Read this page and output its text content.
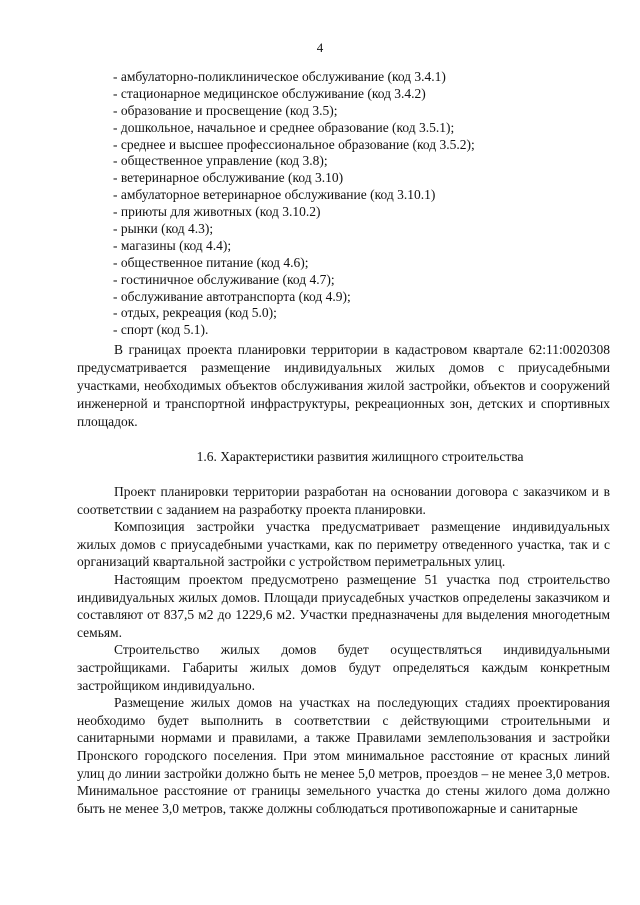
4
- амбулаторно-поликлиническое обслуживание (код 3.4.1)
- стационарное медицинское обслуживание (код 3.4.2)
- образование и просвещение (код 3.5);
- дошкольное, начальное и среднее образование (код 3.5.1);
- среднее и высшее профессиональное образование (код 3.5.2);
- общественное управление (код 3.8);
- ветеринарное обслуживание (код 3.10)
- амбулаторное ветеринарное обслуживание (код 3.10.1)
- приюты для животных (код 3.10.2)
- рынки (код 4.3);
- магазины (код 4.4);
- общественное питание (код 4.6);
- гостиничное обслуживание (код 4.7);
- обслуживание автотранспорта (код 4.9);
- отдых, рекреация (код 5.0);
- спорт (код 5.1).

В границах проекта планировки территории в кадастровом квартале 62:11:0020308 предусматривается размещение индивидуальных жилых домов с приусадебными участками, необходимых объектов обслуживания жилой застройки, объектов и сооружений инженерной и транспортной инфраструктуры, рекреационных зон, детских и спортивных площадок.

1.6. Характеристики развития жилищного строительства

Проект планировки территории разработан на основании договора с заказчиком и в соответствии с заданием на разработку проекта планировки.

Композиция застройки участка предусматривает размещение индивидуальных жилых домов с приусадебными участками, как по периметру отведенного участка, так и с организаций квартальной застройки с устройством периметральных улиц.

Настоящим проектом предусмотрено размещение 51 участка под строительство индивидуальных жилых домов. Площади приусадебных участков определены заказчиком и составляют от 837,5 м2 до 1229,6 м2. Участки предназначены для выделения многодетным семьям.

Строительство жилых домов будет осуществляться индивидуальными застройщиками. Габариты жилых домов будут определяться каждым конкретным застройщиком индивидуально.

Размещение жилых домов на участках на последующих стадиях проектирования необходимо будет выполнить в соответствии с действующими строительными и санитарными нормами и правилами, а также Правилами землепользования и застройки Пронского городского поселения. При этом минимальное расстояние от красных линий улиц до линии застройки должно быть не менее 5,0 метров, проездов – не менее 3,0 метров. Минимальное расстояние от границы земельного участка до стены жилого дома должно быть не менее 3,0 метров, также должны соблюдаться противопожарные и санитарные
